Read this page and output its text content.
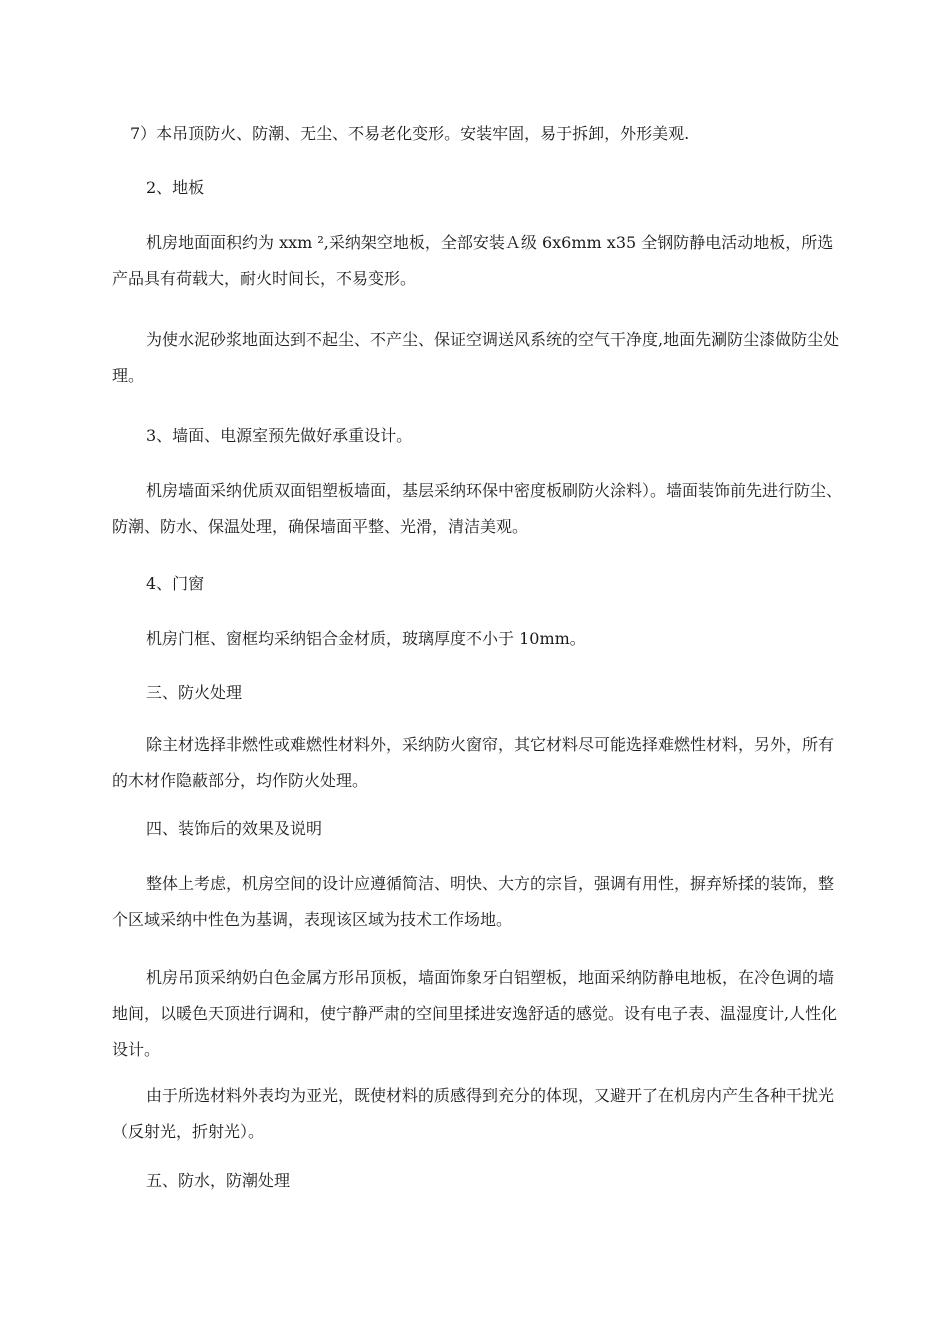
7）本吊顶防火、防潮、无尘、不易老化变形。安装牢固，易于拆卸，外形美观.

2、地板

机房地面面积约为 xxm ²,采纳架空地板，全部安装Ａ级 6x6mm x35 全钢防静电活动地板，所选产品具有荷载大，耐火时间长，不易变形。

为使水泥砂浆地面达到不起尘、不产尘、保证空调送风系统的空气干净度,地面先涮防尘漆做防尘处理。

3、墙面、电源室预先做好承重设计。

机房墙面采纳优质双面铝塑板墙面，基层采纳环保中密度板刷防火涂料）。墙面装饰前先进行防尘、防潮、防水、保温处理，确保墙面平整、光滑，清洁美观。

4、门窗

机房门框、窗框均采纳铝合金材质，玻璃厚度不小于 10mm。

三、防火处理

除主材选择非燃性或难燃性材料外，采纳防火窗帘，其它材料尽可能选择难燃性材料，另外，所有的木材作隐蔽部分，均作防火处理。

四、装饰后的效果及说明

整体上考虑，机房空间的设计应遵循简洁、明快、大方的宗旨，强调有用性，摒弃矫揉的装饰，整个区域采纳中性色为基调，表现该区域为技术工作场地。

机房吊顶采纳奶白色金属方形吊顶板，墙面饰象牙白铝塑板，地面采纳防静电地板，在冷色调的墙地间，以暖色天顶进行调和，使宁静严肃的空间里揉进安逸舒适的感觉。设有电子表、温湿度计,人性化设计。

由于所选材料外表均为亚光，既使材料的质感得到充分的体现，又避开了在机房内产生各种干扰光（反射光，折射光）。

五、防水，防潮处理
